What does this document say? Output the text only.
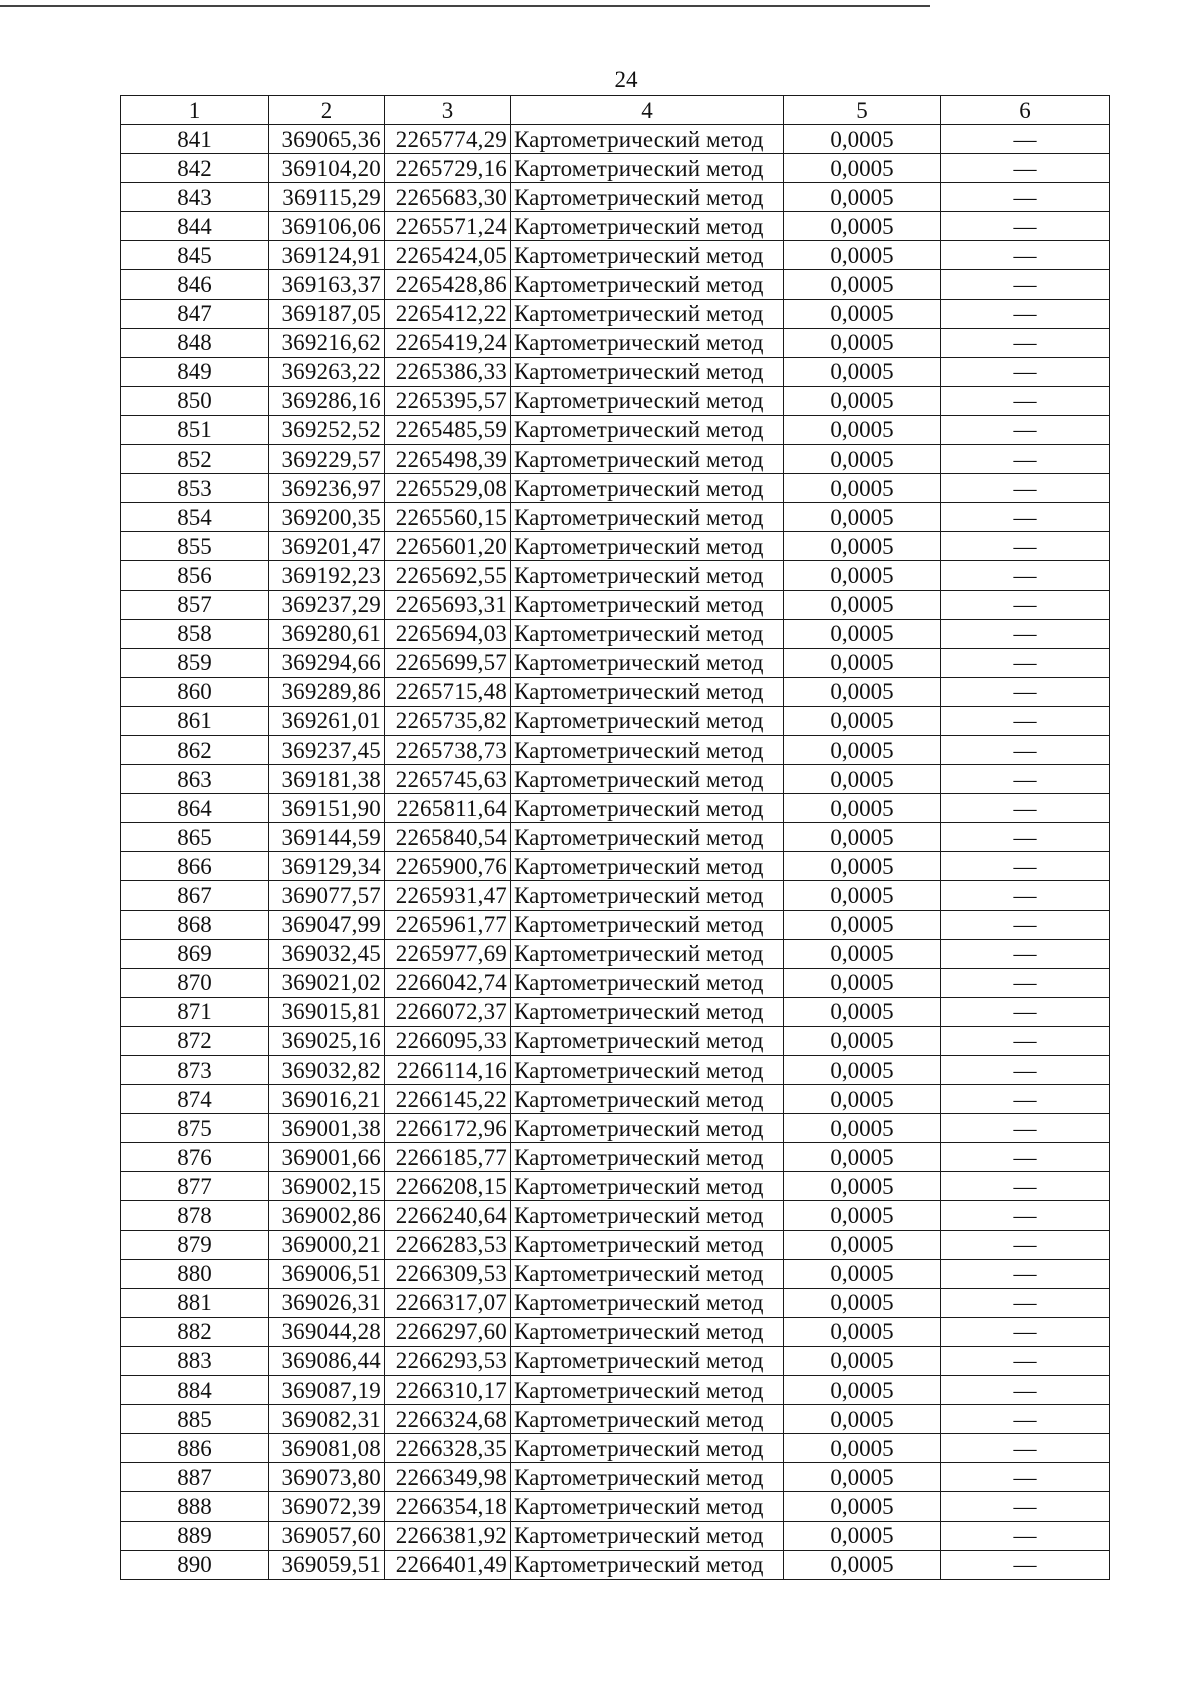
24
1	2	3	4	5	6
841	369065,36	2265774,29	Картометрический метод	0,0005	—
842	369104,20	2265729,16	Картометрический метод	0,0005	—
843	369115,29	2265683,30	Картометрический метод	0,0005	—
844	369106,06	2265571,24	Картометрический метод	0,0005	—
845	369124,91	2265424,05	Картометрический метод	0,0005	—
846	369163,37	2265428,86	Картометрический метод	0,0005	—
847	369187,05	2265412,22	Картометрический метод	0,0005	—
848	369216,62	2265419,24	Картометрический метод	0,0005	—
849	369263,22	2265386,33	Картометрический метод	0,0005	—
850	369286,16	2265395,57	Картометрический метод	0,0005	—
851	369252,52	2265485,59	Картометрический метод	0,0005	—
852	369229,57	2265498,39	Картометрический метод	0,0005	—
853	369236,97	2265529,08	Картометрический метод	0,0005	—
854	369200,35	2265560,15	Картометрический метод	0,0005	—
855	369201,47	2265601,20	Картометрический метод	0,0005	—
856	369192,23	2265692,55	Картометрический метод	0,0005	—
857	369237,29	2265693,31	Картометрический метод	0,0005	—
858	369280,61	2265694,03	Картометрический метод	0,0005	—
859	369294,66	2265699,57	Картометрический метод	0,0005	—
860	369289,86	2265715,48	Картометрический метод	0,0005	—
861	369261,01	2265735,82	Картометрический метод	0,0005	—
862	369237,45	2265738,73	Картометрический метод	0,0005	—
863	369181,38	2265745,63	Картометрический метод	0,0005	—
864	369151,90	2265811,64	Картометрический метод	0,0005	—
865	369144,59	2265840,54	Картометрический метод	0,0005	—
866	369129,34	2265900,76	Картометрический метод	0,0005	—
867	369077,57	2265931,47	Картометрический метод	0,0005	—
868	369047,99	2265961,77	Картометрический метод	0,0005	—
869	369032,45	2265977,69	Картометрический метод	0,0005	—
870	369021,02	2266042,74	Картометрический метод	0,0005	—
871	369015,81	2266072,37	Картометрический метод	0,0005	—
872	369025,16	2266095,33	Картометрический метод	0,0005	—
873	369032,82	2266114,16	Картометрический метод	0,0005	—
874	369016,21	2266145,22	Картометрический метод	0,0005	—
875	369001,38	2266172,96	Картометрический метод	0,0005	—
876	369001,66	2266185,77	Картометрический метод	0,0005	—
877	369002,15	2266208,15	Картометрический метод	0,0005	—
878	369002,86	2266240,64	Картометрический метод	0,0005	—
879	369000,21	2266283,53	Картометрический метод	0,0005	—
880	369006,51	2266309,53	Картометрический метод	0,0005	—
881	369026,31	2266317,07	Картометрический метод	0,0005	—
882	369044,28	2266297,60	Картометрический метод	0,0005	—
883	369086,44	2266293,53	Картометрический метод	0,0005	—
884	369087,19	2266310,17	Картометрический метод	0,0005	—
885	369082,31	2266324,68	Картометрический метод	0,0005	—
886	369081,08	2266328,35	Картометрический метод	0,0005	—
887	369073,80	2266349,98	Картометрический метод	0,0005	—
888	369072,39	2266354,18	Картометрический метод	0,0005	—
889	369057,60	2266381,92	Картометрический метод	0,0005	—
890	369059,51	2266401,49	Картометрический метод	0,0005	—
